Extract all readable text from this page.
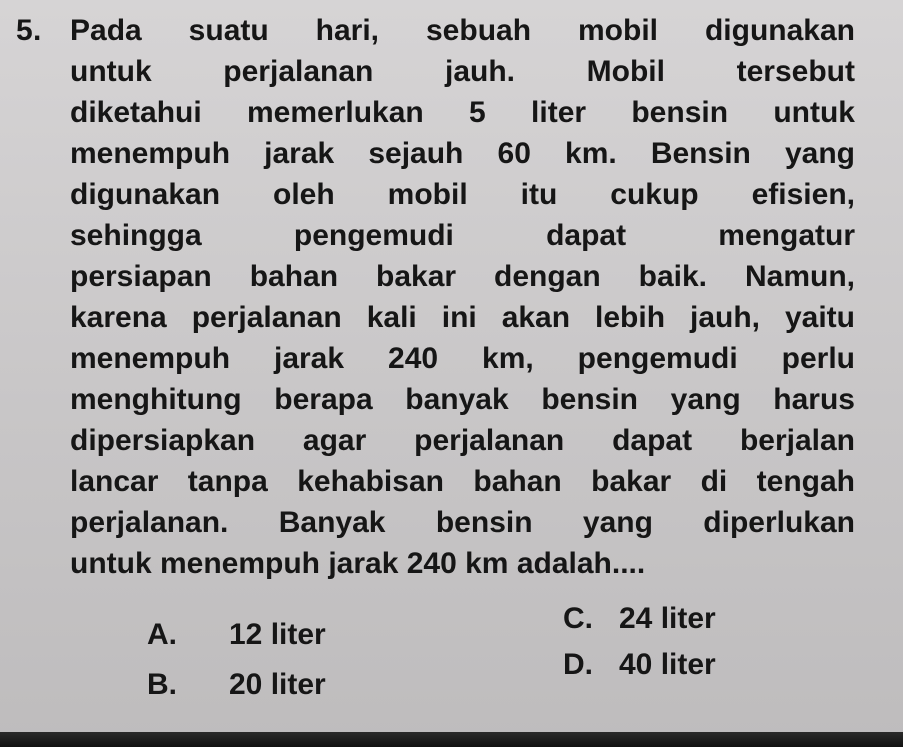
5. Pada suatu hari, sebuah mobil digunakan
untuk perjalanan jauh. Mobil tersebut
diketahui memerlukan 5 liter bensin untuk
menempuh jarak sejauh 60 km. Bensin yang
digunakan oleh mobil itu cukup efisien,
sehingga pengemudi dapat mengatur
persiapan bahan bakar dengan baik. Namun,
karena perjalanan kali ini akan lebih jauh, yaitu
menempuh jarak 240 km, pengemudi perlu
menghitung berapa banyak bensin yang harus
dipersiapkan agar perjalanan dapat berjalan
lancar tanpa kehabisan bahan bakar di tengah
perjalanan. Banyak bensin yang diperlukan
untuk menempuh jarak 240 km adalah....
A. 12 liter
B. 20 liter
C. 24 liter
D. 40 liter
